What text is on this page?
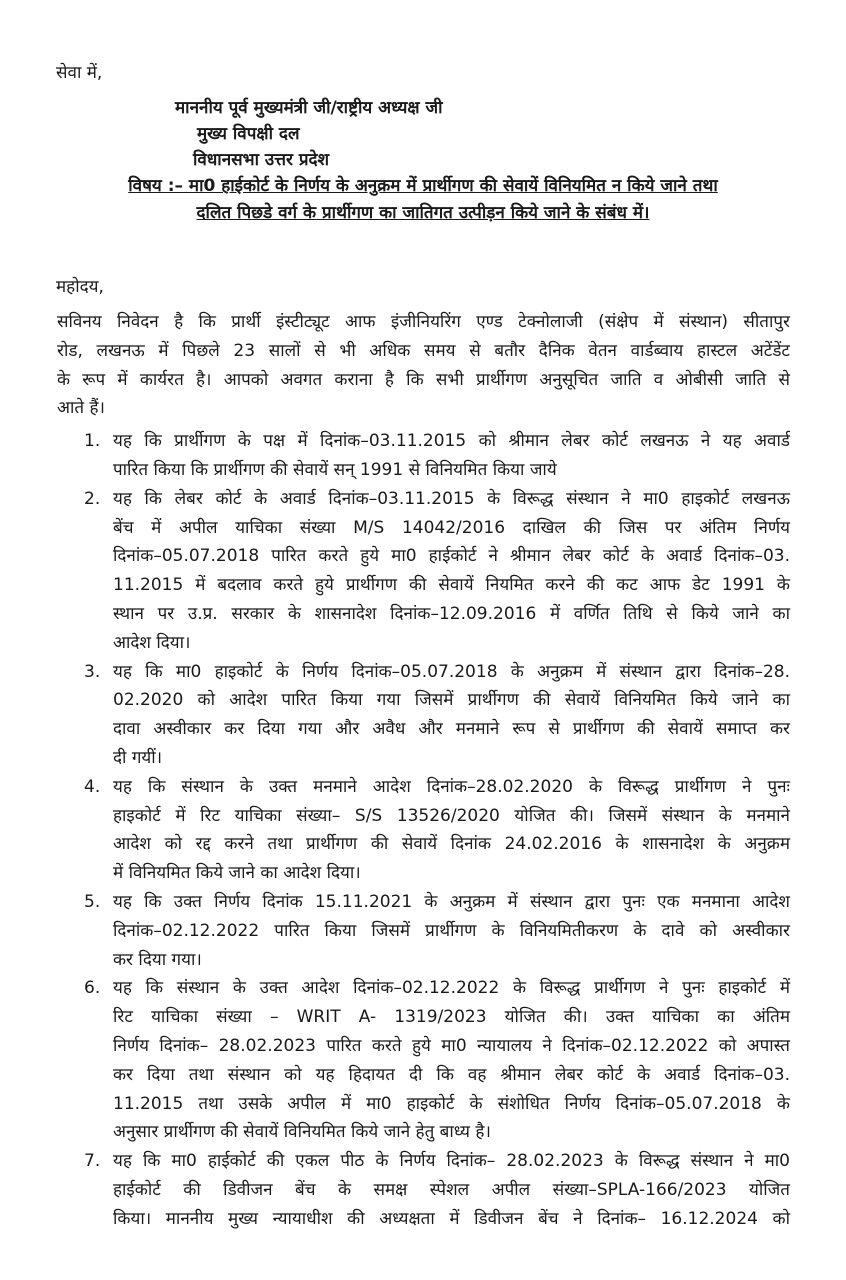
सेवा में,
माननीय पूर्व मुख्यमंत्री जी/राष्ट्रीय अध्यक्ष जी
मुख्य विपक्षी दल
विधानसभा उत्तर प्रदेश
विषय :– मा0 हाईकोर्ट के निर्णय के अनुक्रम में प्रार्थीगण की सेवायें विनियमित न किये जाने तथा
दलित पिछडे वर्ग के प्रार्थीगण का जातिगत उत्पीड़न किये जाने के संबंध में।
महोदय,
सविनय निवेदन है कि प्रार्थी इंस्टीट्यूट आफ इंजीनियरिंग एण्ड टेक्नोलाजी (संक्षेप में संस्थान) सीतापुर
रोड, लखनऊ में पिछले 23 सालों से भी अधिक समय से बतौर दैनिक वेतन वार्डब्वाय हास्टल अटेंडेंट
के रूप में कार्यरत है। आपको अवगत कराना है कि सभी प्रार्थीगण अनुसूचित जाति व ओबीसी जाति से
आते हैं।
1. यह कि प्रार्थीगण के पक्ष में दिनांक–03.11.2015 को श्रीमान लेबर कोर्ट लखनऊ ने यह अवार्ड
पारित किया कि प्रार्थीगण की सेवायें सन् 1991 से विनियमित किया जाये
2. यह कि लेबर कोर्ट के अवार्ड दिनांक–03.11.2015 के विरूद्ध संस्थान ने मा0 हाइकोर्ट लखनऊ
बेंच में अपील याचिका संख्या M/S 14042/2016 दाखिल की जिस पर अंतिम निर्णय
दिनांक–05.07.2018 पारित करते हुये मा0 हाईकोर्ट ने श्रीमान लेबर कोर्ट के अवार्ड दिनांक–03.
11.2015 में बदलाव करते हुये प्रार्थीगण की सेवायें नियमित करने की कट आफ डेट 1991 के
स्थान पर उ.प्र. सरकार के शासनादेश दिनांक–12.09.2016 में वर्णित तिथि से किये जाने का
आदेश दिया।
3. यह कि मा0 हाइकोर्ट के निर्णय दिनांक–05.07.2018 के अनुक्रम में संस्थान द्वारा दिनांक–28.
02.2020 को आदेश पारित किया गया जिसमें प्रार्थीगण की सेवायें विनियमित किये जाने का
दावा अस्वीकार कर दिया गया और अवैध और मनमाने रूप से प्रार्थीगण की सेवायें समाप्त कर
दी गयीं।
4. यह कि संस्थान के उक्त मनमाने आदेश दिनांक–28.02.2020 के विरूद्ध प्रार्थीगण ने पुनः
हाइकोर्ट में रिट याचिका संख्या– S/S 13526/2020 योजित की। जिसमें संस्थान के मनमाने
आदेश को रद्द करने तथा प्रार्थीगण की सेवायें दिनांक 24.02.2016 के शासनादेश के अनुक्रम
में विनियमित किये जाने का आदेश दिया।
5. यह कि उक्त निर्णय दिनांक 15.11.2021 के अनुक्रम में संस्थान द्वारा पुनः एक मनमाना आदेश
दिनांक–02.12.2022 पारित किया जिसमें प्रार्थीगण के विनियमितीकरण के दावे को अस्वीकार
कर दिया गया।
6. यह कि संस्थान के उक्त आदेश दिनांक–02.12.2022 के विरूद्ध प्रार्थीगण ने पुनः हाइकोर्ट में
रिट याचिका संख्या – WRIT A- 1319/2023 योजित की। उक्त याचिका का अंतिम
निर्णय दिनांक– 28.02.2023 पारित करते हुये मा0 न्यायालय ने दिनांक–02.12.2022 को अपास्त
कर दिया तथा संस्थान को यह हिदायत दी कि वह श्रीमान लेबर कोर्ट के अवार्ड दिनांक–03.
11.2015 तथा उसके अपील में मा0 हाइकोर्ट के संशोधित निर्णय दिनांक–05.07.2018 के
अनुसार प्रार्थीगण की सेवायें विनियमित किये जाने हेतु बाध्य है।
7. यह कि मा0 हाईकोर्ट की एकल पीठ के निर्णय दिनांक– 28.02.2023 के विरूद्ध संस्थान ने मा0
हाईकोर्ट की डिवीजन बेंच के समक्ष स्पेशल अपील संख्या–SPLA-166/2023 योजित
किया। माननीय मुख्य न्यायाधीश की अध्यक्षता में डिवीजन बेंच ने दिनांक– 16.12.2024 को
